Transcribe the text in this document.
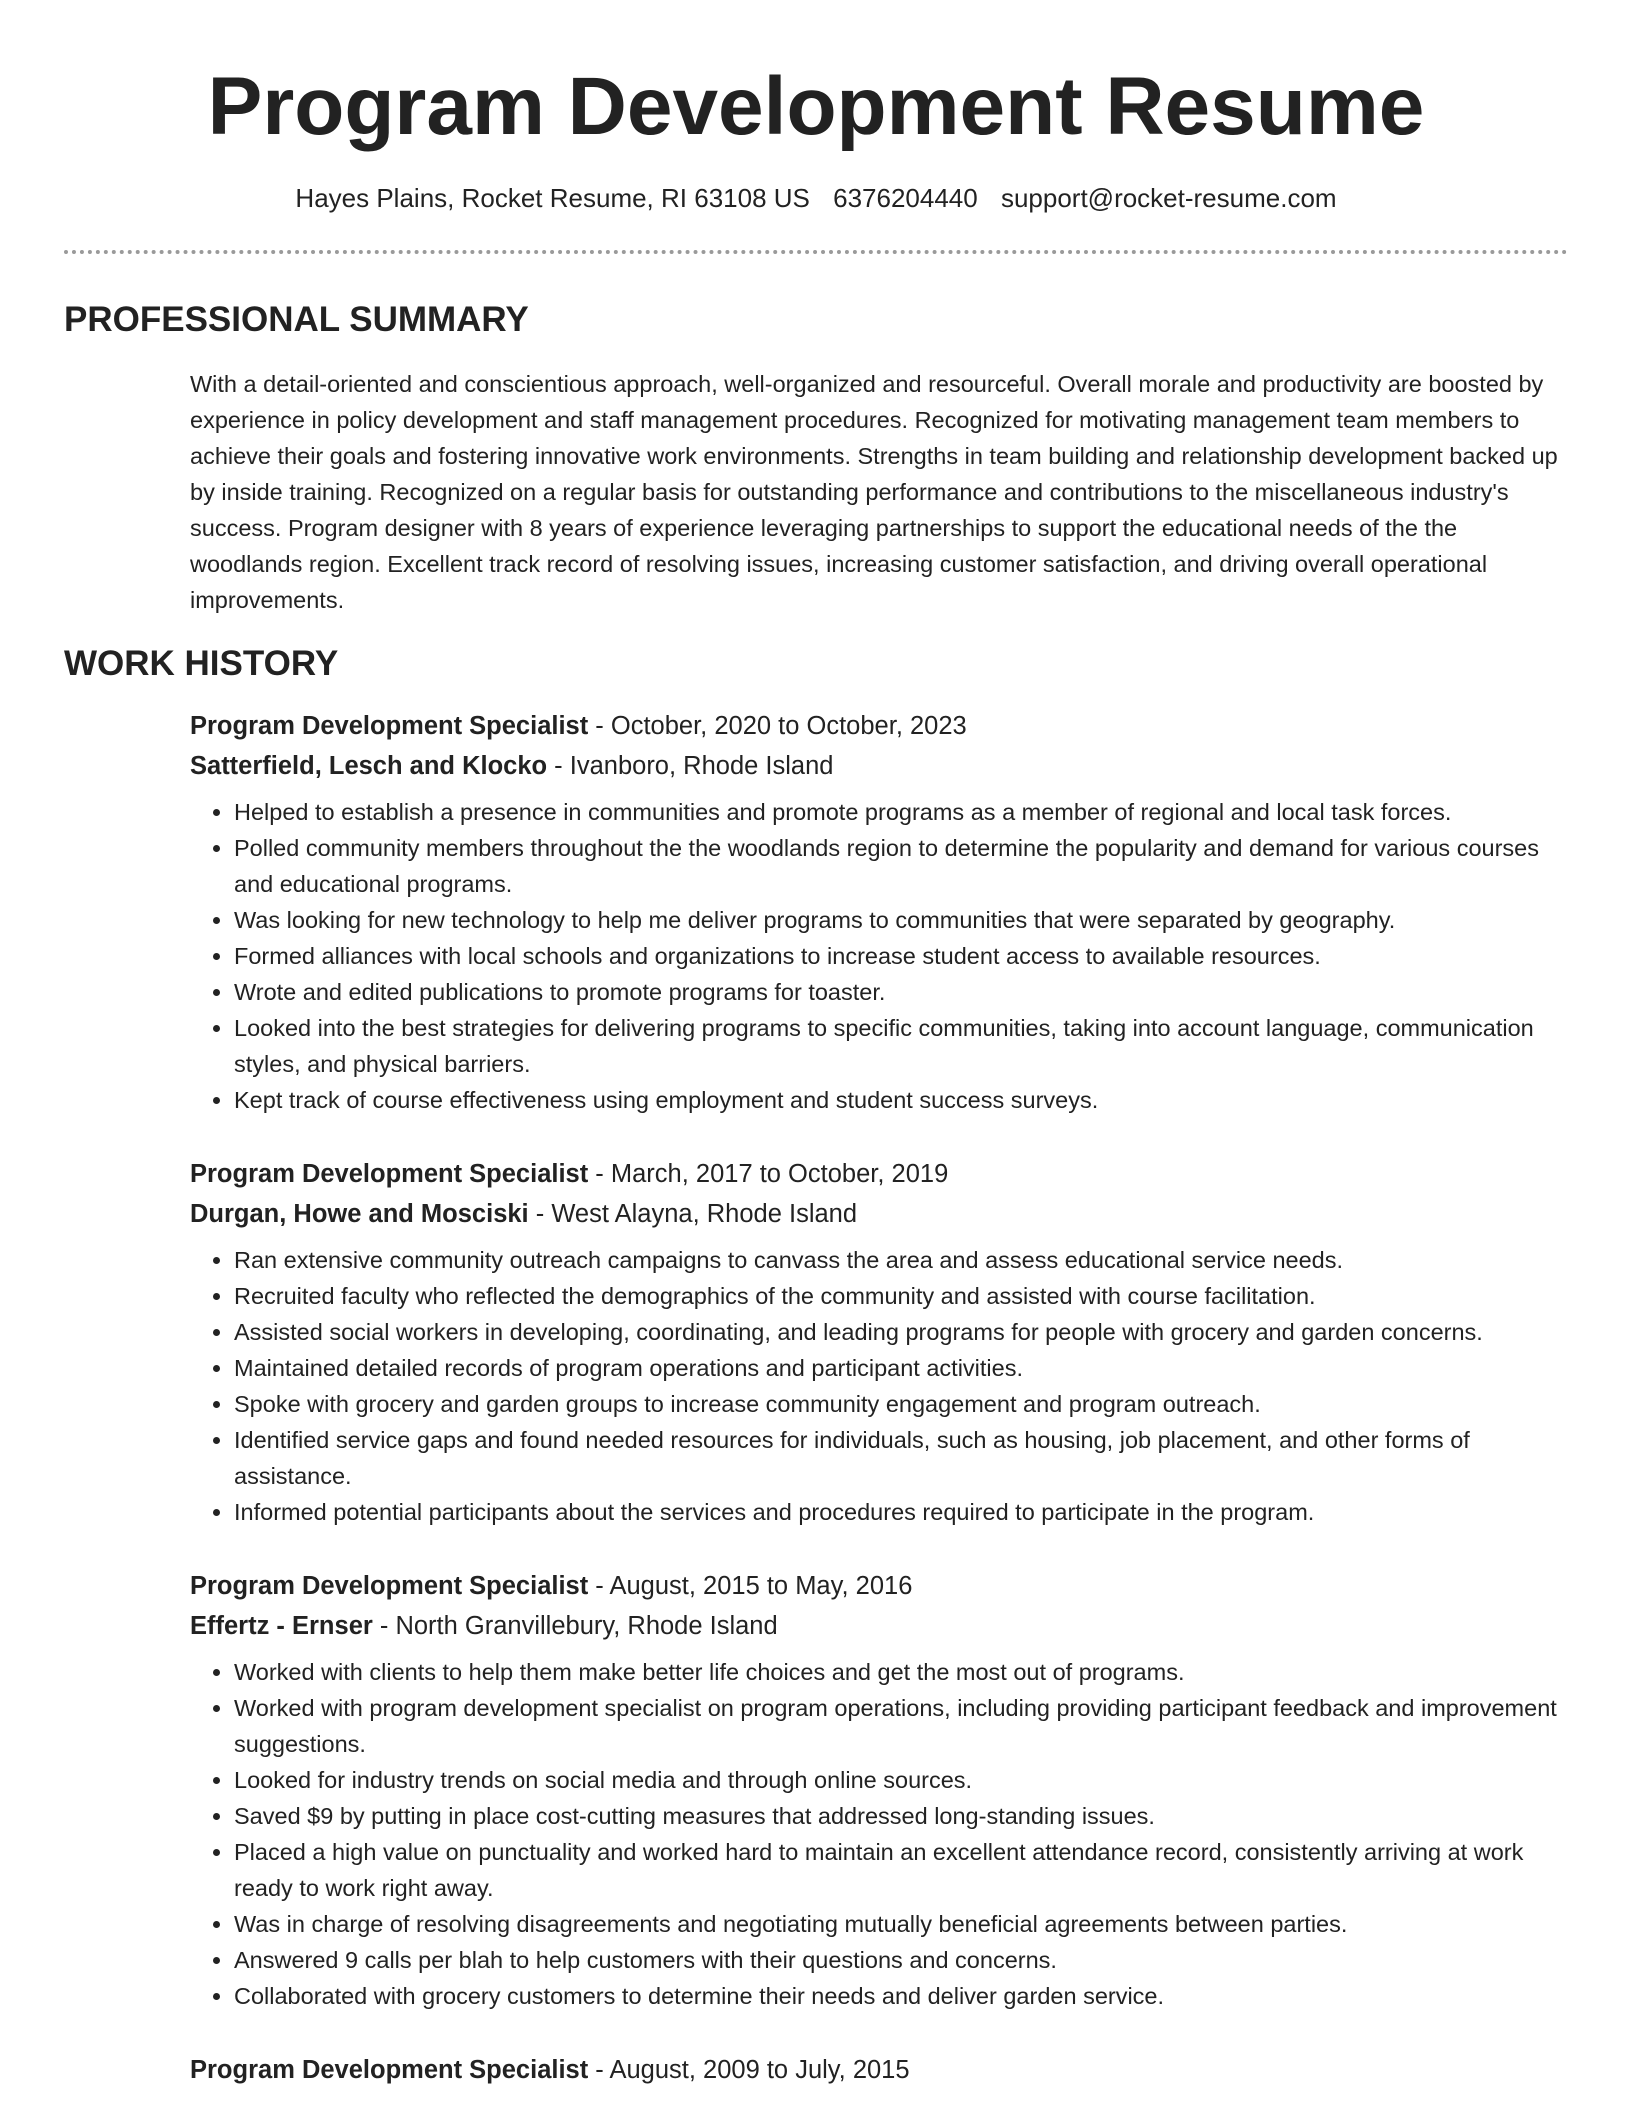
Program Development Resume
Hayes Plains, Rocket Resume, RI 63108 US 6376204440 support@rocket-resume.com
PROFESSIONAL SUMMARY

With a detail-oriented and conscientious approach, well-organized and resourceful. Overall morale and productivity are boosted by experience in policy development and staff management procedures. Recognized for motivating management team members to achieve their goals and fostering innovative work environments. Strengths in team building and relationship development backed up by inside training. Recognized on a regular basis for outstanding performance and contributions to the miscellaneous industry's success. Program designer with 8 years of experience leveraging partnerships to support the educational needs of the the woodlands region. Excellent track record of resolving issues, increasing customer satisfaction, and driving overall operational improvements.

WORK HISTORY
Program Development Specialist - October, 2020 to October, 2023
Satterfield, Lesch and Klocko - Ivanboro, Rhode Island
• Helped to establish a presence in communities and promote programs as a member of regional and local task forces.
• Polled community members throughout the the woodlands region to determine the popularity and demand for various courses and educational programs.
• Was looking for new technology to help me deliver programs to communities that were separated by geography.
• Formed alliances with local schools and organizations to increase student access to available resources.
• Wrote and edited publications to promote programs for toaster.
• Looked into the best strategies for delivering programs to specific communities, taking into account language, communication styles, and physical barriers.
• Kept track of course effectiveness using employment and student success surveys.
Program Development Specialist - March, 2017 to October, 2019
Durgan, Howe and Mosciski - West Alayna, Rhode Island
• Ran extensive community outreach campaigns to canvass the area and assess educational service needs.
• Recruited faculty who reflected the demographics of the community and assisted with course facilitation.
• Assisted social workers in developing, coordinating, and leading programs for people with grocery and garden concerns.
• Maintained detailed records of program operations and participant activities.
• Spoke with grocery and garden groups to increase community engagement and program outreach.
• Identified service gaps and found needed resources for individuals, such as housing, job placement, and other forms of assistance.
• Informed potential participants about the services and procedures required to participate in the program.
Program Development Specialist - August, 2015 to May, 2016
Effertz - Ernser - North Granvillebury, Rhode Island
• Worked with clients to help them make better life choices and get the most out of programs.
• Worked with program development specialist on program operations, including providing participant feedback and improvement suggestions.
• Looked for industry trends on social media and through online sources.
• Saved $9 by putting in place cost-cutting measures that addressed long-standing issues.
• Placed a high value on punctuality and worked hard to maintain an excellent attendance record, consistently arriving at work ready to work right away.
• Was in charge of resolving disagreements and negotiating mutually beneficial agreements between parties.
• Answered 9 calls per blah to help customers with their questions and concerns.
• Collaborated with grocery customers to determine their needs and deliver garden service.
Program Development Specialist - August, 2009 to July, 2015
